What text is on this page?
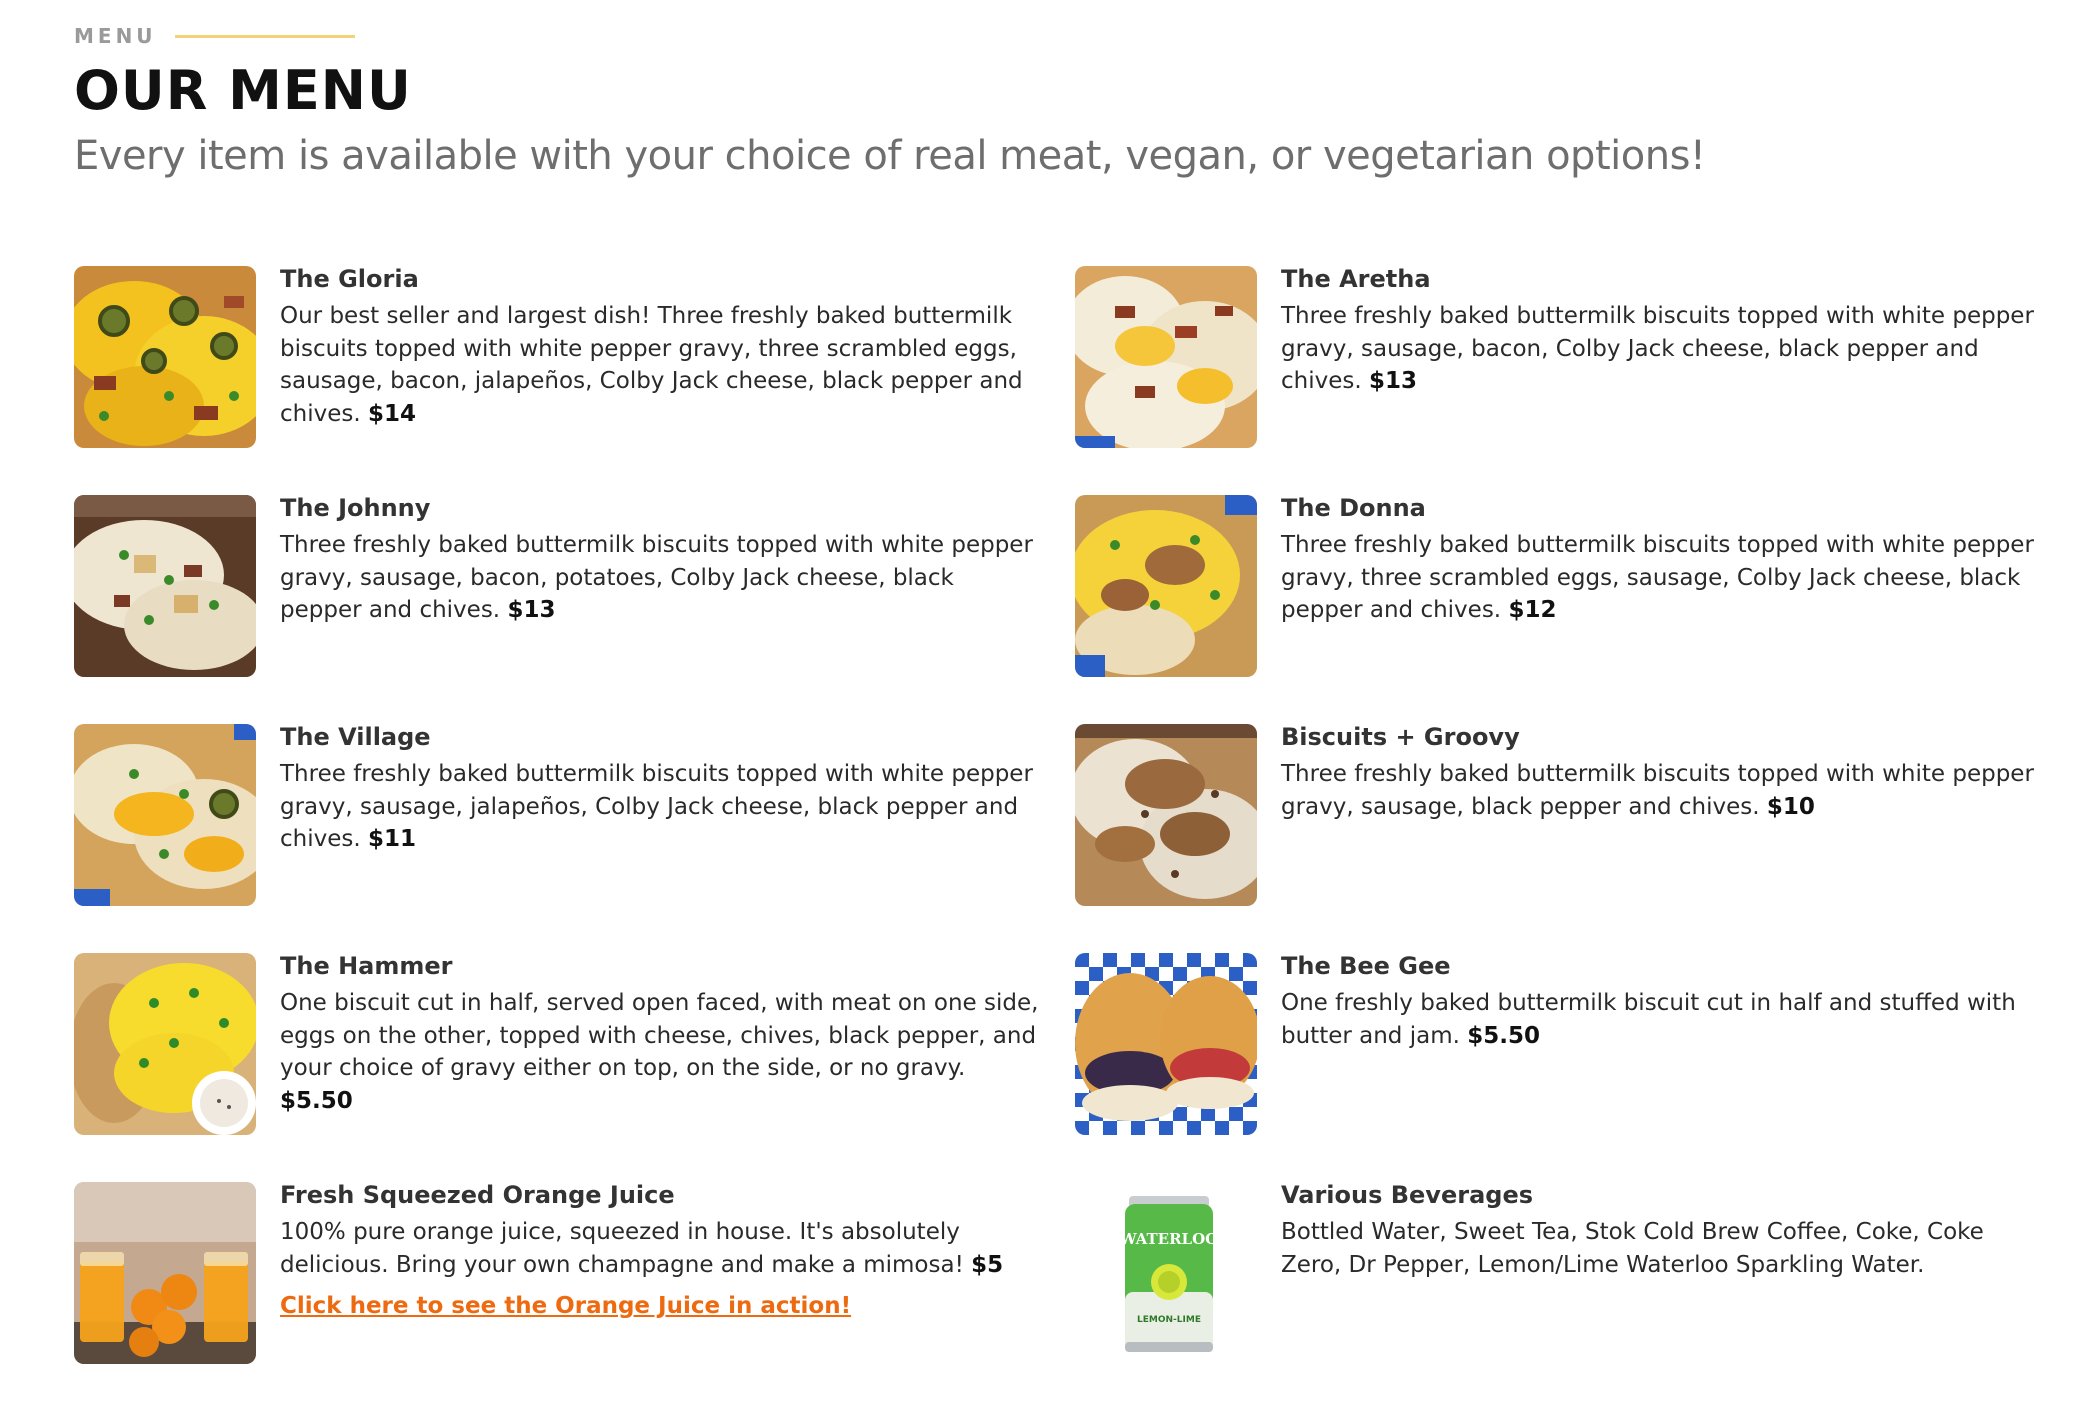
MENU
OUR MENU
Every item is available with your choice of real meat, vegan, or vegetarian options!
The Gloria
Our best seller and largest dish! Three freshly baked buttermilk biscuits topped with white pepper gravy, three scrambled eggs, sausage, bacon, jalapeños, Colby Jack cheese, black pepper and chives. $14
The Aretha
Three freshly baked buttermilk biscuits topped with white pepper gravy, sausage, bacon, Colby Jack cheese, black pepper and chives. $13
The Johnny
Three freshly baked buttermilk biscuits topped with white pepper gravy, sausage, bacon, potatoes, Colby Jack cheese, black pepper and chives. $13
The Donna
Three freshly baked buttermilk biscuits topped with white pepper gravy, three scrambled eggs, sausage, Colby Jack cheese, black pepper and chives. $12
The Village
Three freshly baked buttermilk biscuits topped with white pepper gravy, sausage, jalapeños, Colby Jack cheese, black pepper and chives. $11
Biscuits + Groovy
Three freshly baked buttermilk biscuits topped with white pepper gravy, sausage, black pepper and chives. $10
The Hammer
One biscuit cut in half, served open faced, with meat on one side, eggs on the other, topped with cheese, chives, black pepper, and your choice of gravy either on top, on the side, or no gravy. $5.50
The Bee Gee
One freshly baked buttermilk biscuit cut in half and stuffed with butter and jam. $5.50
Fresh Squeezed Orange Juice
100% pure orange juice, squeezed in house. It's absolutely delicious. Bring your own champagne and make a mimosa! $5
Click here to see the Orange Juice in action!
WATERLOO
LEMON-LIME
Various Beverages
Bottled Water, Sweet Tea, Stok Cold Brew Coffee, Coke, Coke Zero, Dr Pepper, Lemon/Lime Waterloo Sparkling Water.
